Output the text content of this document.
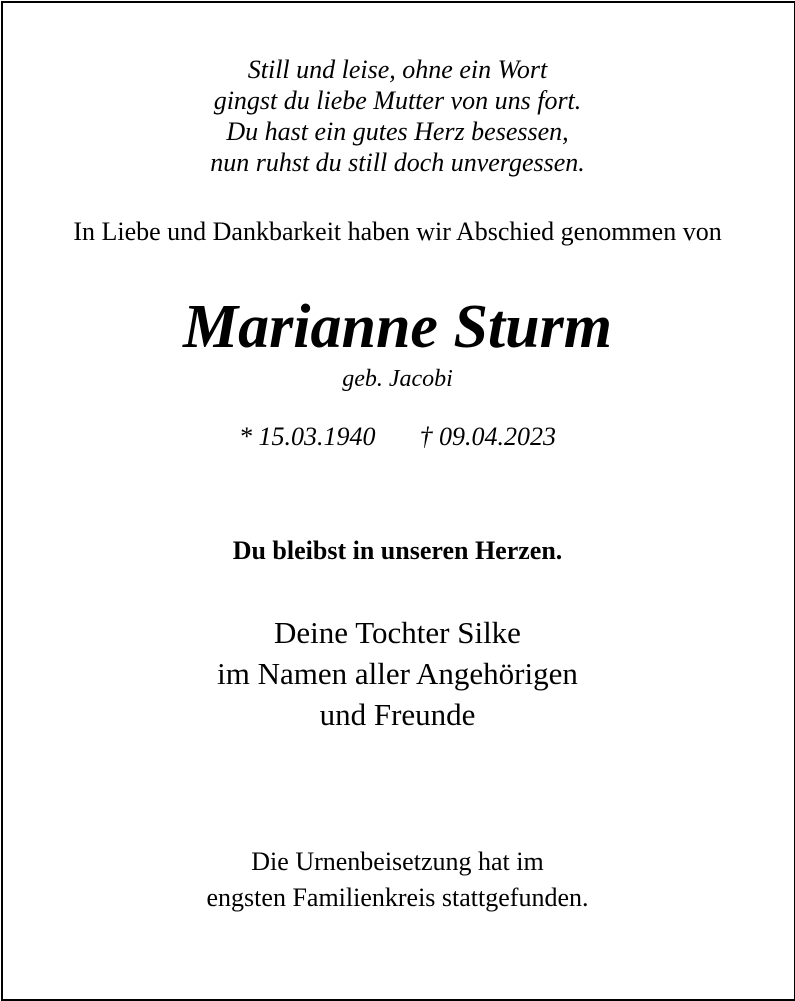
Still und leise, ohne ein Wort
gingst du liebe Mutter von uns fort.
Du hast ein gutes Herz besessen,
nun ruhst du still doch unvergessen.
In Liebe und Dankbarkeit haben wir Abschied genommen von
Marianne Sturm
geb. Jacobi
* 15.03.1940 † 09.04.2023
Du bleibst in unseren Herzen.
Deine Tochter Silke
im Namen aller Angehörigen
und Freunde
Die Urnenbeisetzung hat im
engsten Familienkreis stattgefunden.
